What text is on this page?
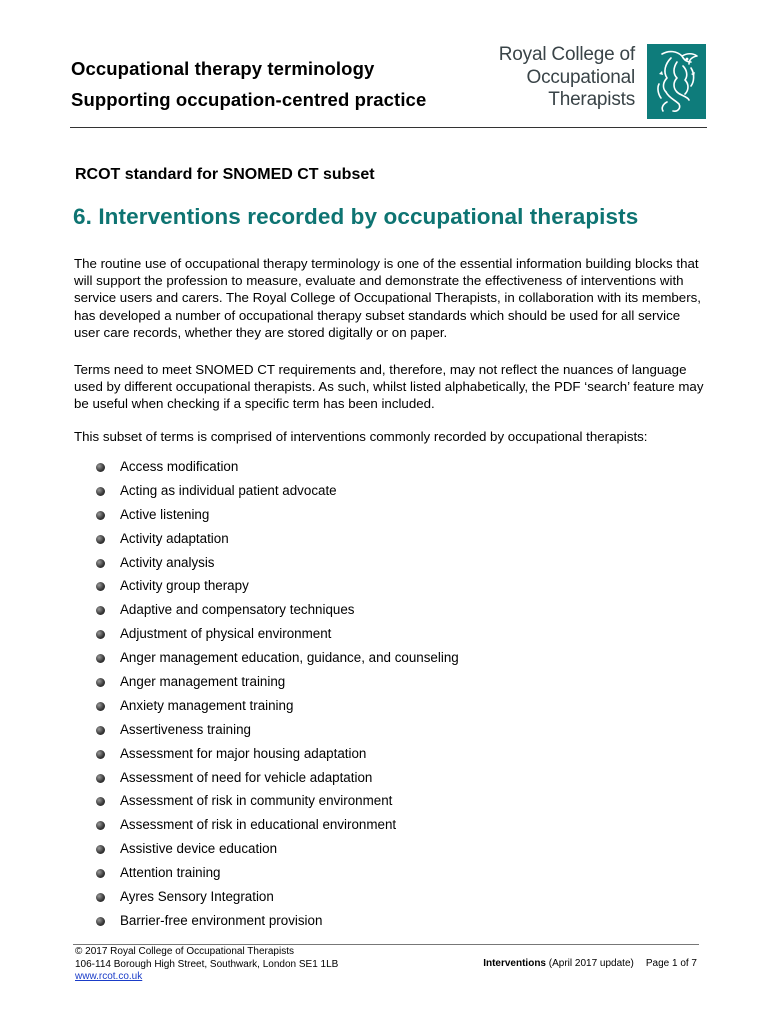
Occupational therapy terminology
Supporting occupation-centred practice
Royal College of
Occupational
Therapists
RCOT standard for SNOMED CT subset
6. Interventions recorded by occupational therapists

The routine use of occupational therapy terminology is one of the essential information building blocks that will support the profession to measure, evaluate and demonstrate the effectiveness of interventions with service users and carers. The Royal College of Occupational Therapists, in collaboration with its members, has developed a number of occupational therapy subset standards which should be used for all service user care records, whether they are stored digitally or on paper.

Terms need to meet SNOMED CT requirements and, therefore, may not reflect the nuances of language used by different occupational therapists. As such, whilst listed alphabetically, the PDF ‘search’ feature may be useful when checking if a specific term has been included.

This subset of terms is comprised of interventions commonly recorded by occupational therapists:

Access modification
Acting as individual patient advocate
Active listening
Activity adaptation
Activity analysis
Activity group therapy
Adaptive and compensatory techniques
Adjustment of physical environment
Anger management education, guidance, and counseling
Anger management training
Anxiety management training
Assertiveness training
Assessment for major housing adaptation
Assessment of need for vehicle adaptation
Assessment of risk in community environment
Assessment of risk in educational environment
Assistive device education
Attention training
Ayres Sensory Integration
Barrier-free environment provision
© 2017 Royal College of Occupational Therapists
106-114 Borough High Street, Southwark, London SE1 1LB
www.rcot.co.uk
Interventions (April 2017 update) Page 1 of 7
